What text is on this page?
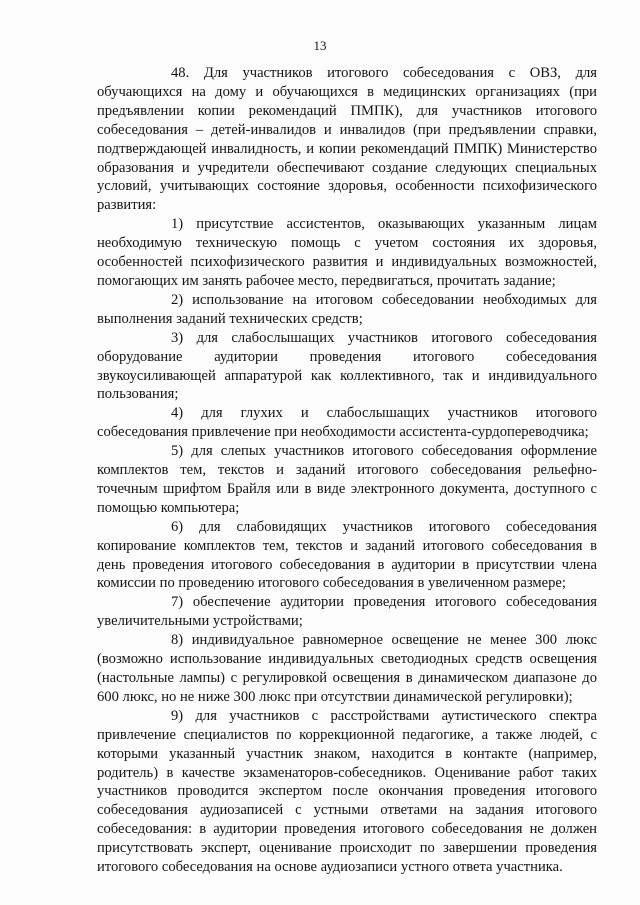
13

48. Для участников итогового собеседования с ОВЗ, для обучающихся на дому и обучающихся в медицинских организациях (при предъявлении копии рекомендаций ПМПК), для участников итогового собеседования – детей-инвалидов и инвалидов (при предъявлении справки, подтверждающей инвалидность, и копии рекомендаций ПМПК) Министерство образования и учредители обеспечивают создание следующих специальных условий, учитывающих состояние здоровья, особенности психофизического развития:

1) присутствие ассистентов, оказывающих указанным лицам необходимую техническую помощь с учетом состояния их здоровья, особенностей психофизического развития и индивидуальных возможностей, помогающих им занять рабочее место, передвигаться, прочитать задание;

2) использование на итоговом собеседовании необходимых для выполнения заданий технических средств;

3) для слабослышащих участников итогового собеседования оборудование аудитории проведения итогового собеседования звукоусиливающей аппаратурой как коллективного, так и индивидуального пользования;

4) для глухих и слабослышащих участников итогового собеседования привлечение при необходимости ассистента-сурдопереводчика;

5) для слепых участников итогового собеседования оформление комплектов тем, текстов и заданий итогового собеседования рельефно-точечным шрифтом Брайля или в виде электронного документа, доступного с помощью компьютера;

6) для слабовидящих участников итогового собеседования копирование комплектов тем, текстов и заданий итогового собеседования в день проведения итогового собеседования в аудитории в присутствии члена комиссии по проведению итогового собеседования в увеличенном размере;

7) обеспечение аудитории проведения итогового собеседования увеличительными устройствами;

8) индивидуальное равномерное освещение не менее 300 люкс (возможно использование индивидуальных светодиодных средств освещения (настольные лампы) с регулировкой освещения в динамическом диапазоне до 600 люкс, но не ниже 300 люкс при отсутствии динамической регулировки);

9) для участников с расстройствами аутистического спектра привлечение специалистов по коррекционной педагогике, а также людей, с которыми указанный участник знаком, находится в контакте (например, родитель) в качестве экзаменаторов-собеседников. Оценивание работ таких участников проводится экспертом после окончания проведения итогового собеседования аудиозаписей с устными ответами на задания итогового собеседования: в аудитории проведения итогового собеседования не должен присутствовать эксперт, оценивание происходит по завершении проведения итогового собеседования на основе аудиозаписи устного ответа участника.
